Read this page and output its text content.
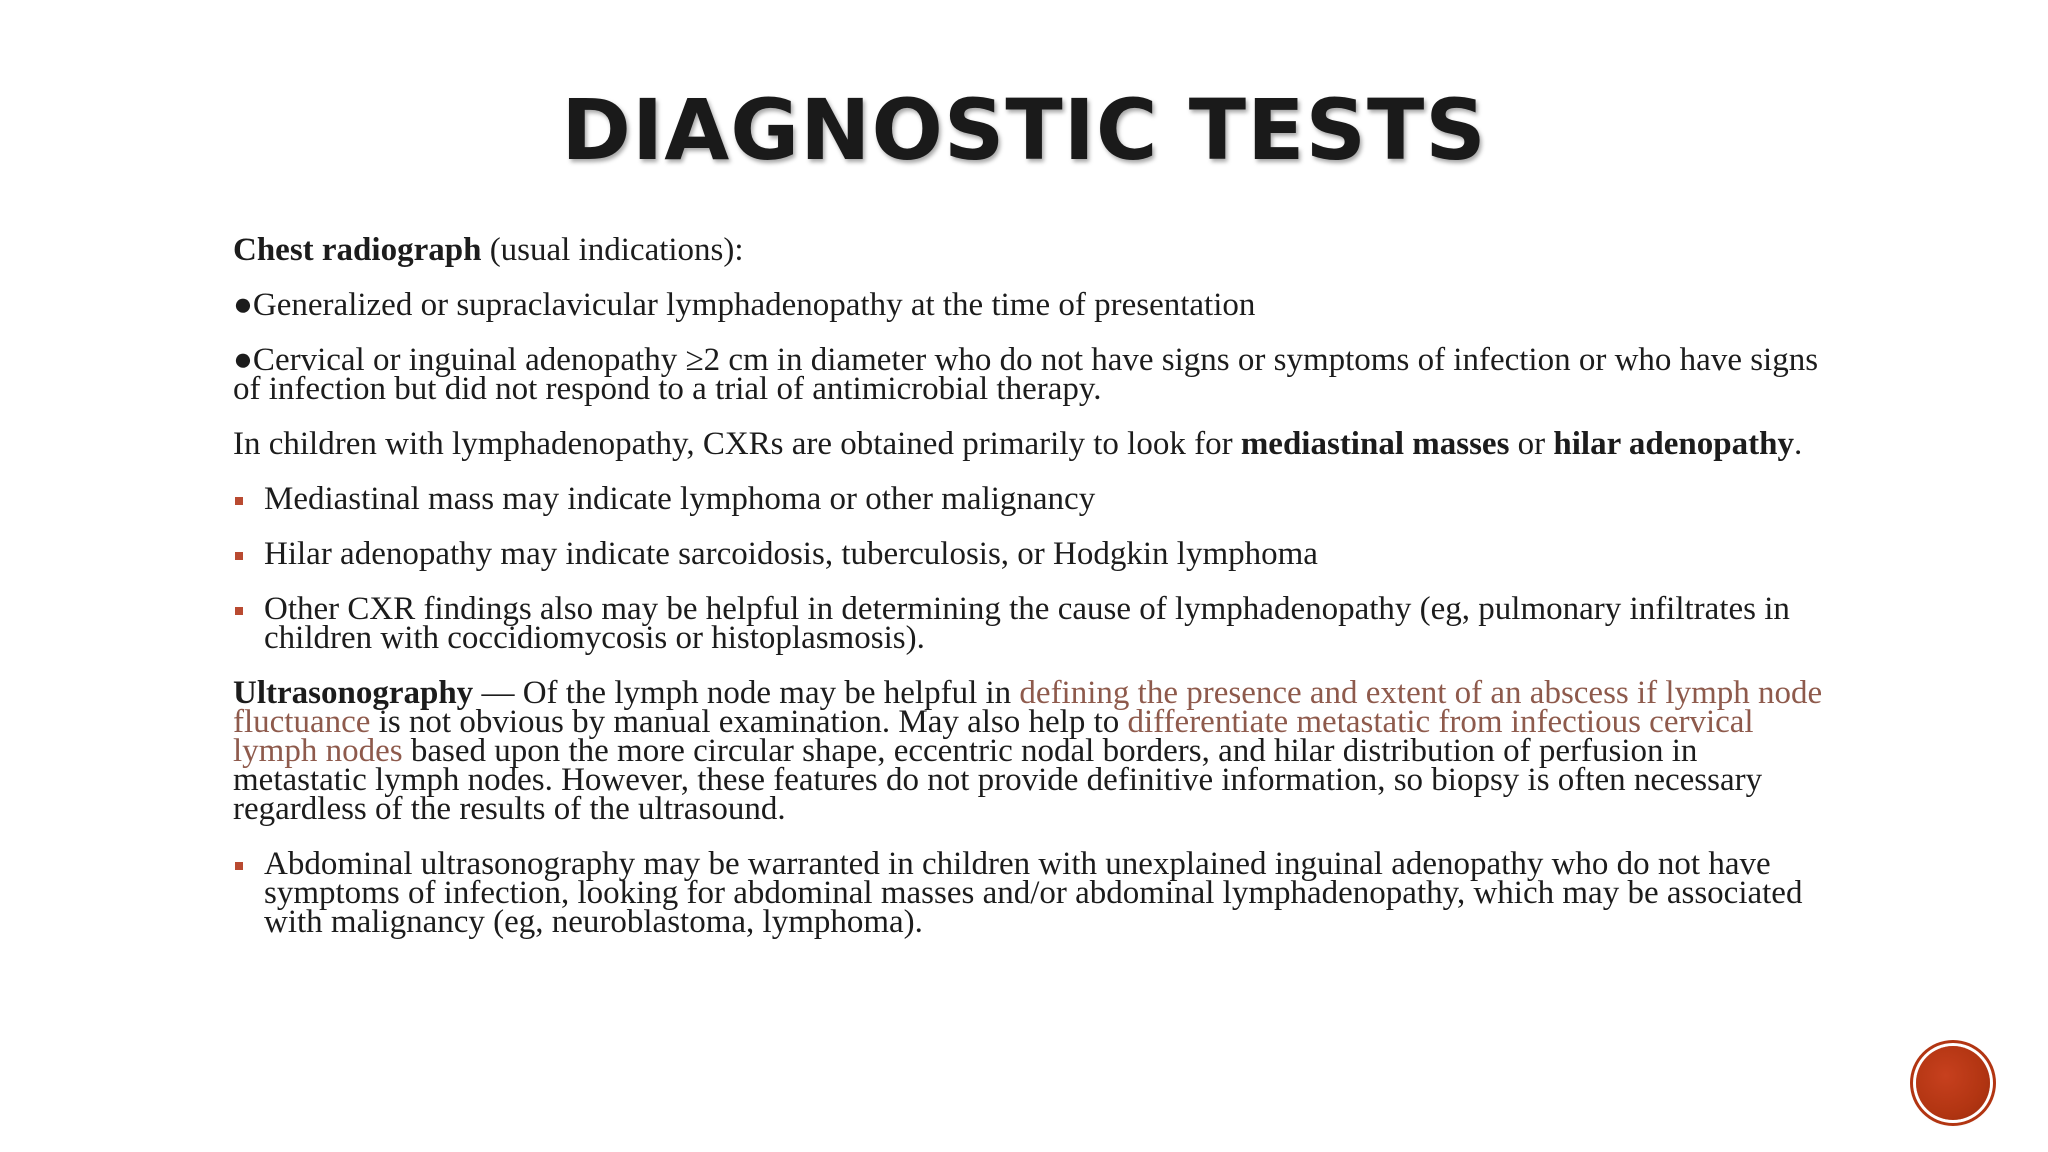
DIAGNOSTIC TESTS

Chest radiograph (usual indications):

●Generalized or supraclavicular lymphadenopathy at the time of presentation

●Cervical or inguinal adenopathy ≥2 cm in diameter who do not have signs or symptoms of infection or who have signs of infection but did not respond to a trial of antimicrobial therapy.

In children with lymphadenopathy, CXRs are obtained primarily to look for mediastinal masses or hilar adenopathy.

Mediastinal mass may indicate lymphoma or other malignancy
Hilar adenopathy may indicate sarcoidosis, tuberculosis, or Hodgkin lymphoma
Other CXR findings also may be helpful in determining the cause of lymphadenopathy (eg, pulmonary infiltrates in children with coccidiomycosis or histoplasmosis).

Ultrasonography — Of the lymph node may be helpful in defining the presence and extent of an abscess if lymph node fluctuance is not obvious by manual examination. May also help to differentiate metastatic from infectious cervical lymph nodes based upon the more circular shape, eccentric nodal borders, and hilar distribution of perfusion in metastatic lymph nodes. However, these features do not provide definitive information, so biopsy is often necessary regardless of the results of the ultrasound.

Abdominal ultrasonography may be warranted in children with unexplained inguinal adenopathy who do not have symptoms of infection, looking for abdominal masses and/or abdominal lymphadenopathy, which may be associated with malignancy (eg, neuroblastoma, lymphoma).
